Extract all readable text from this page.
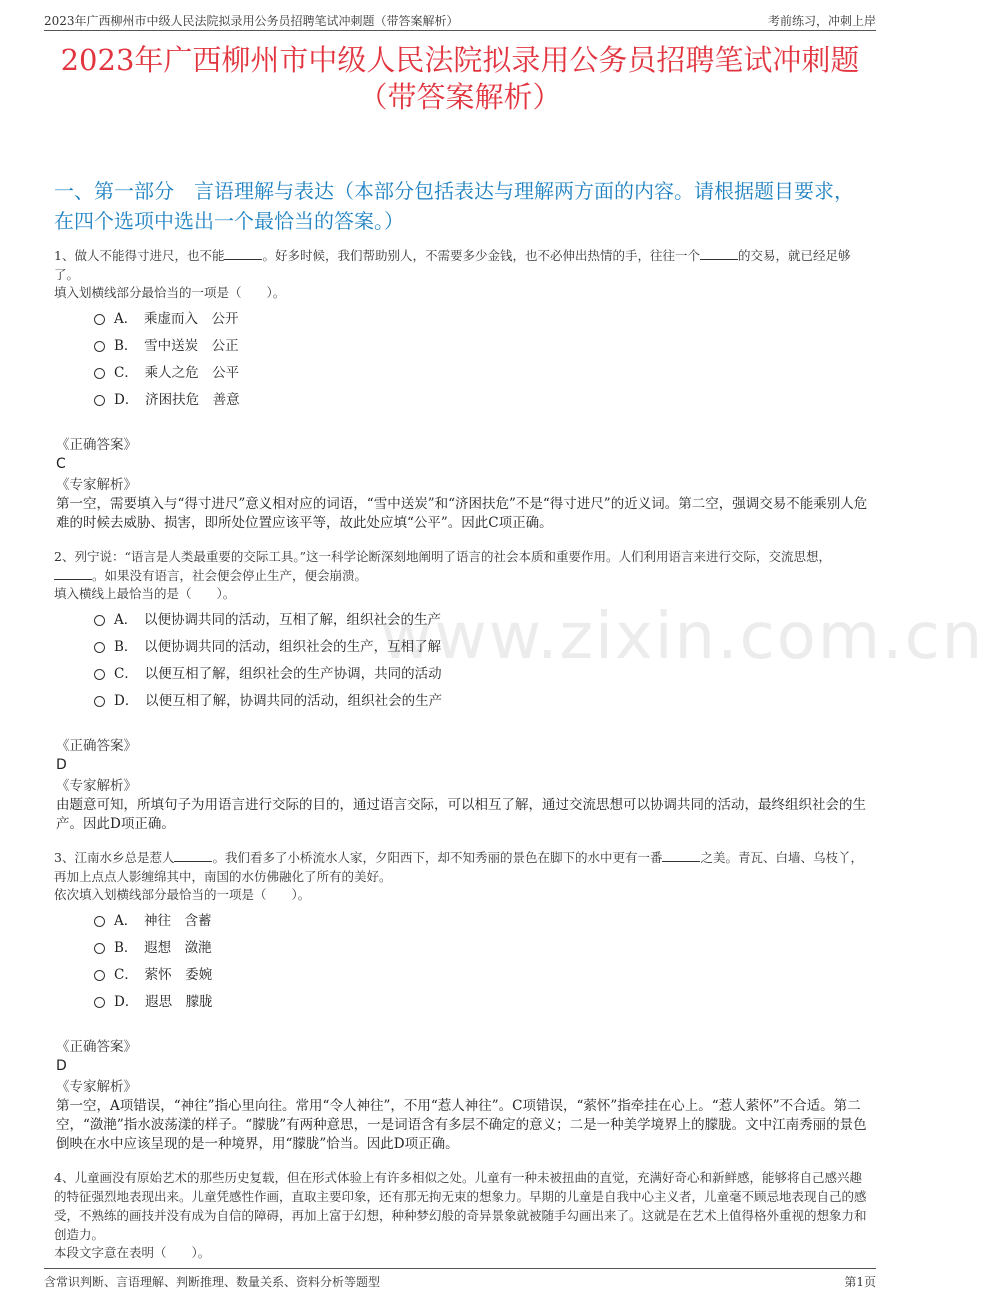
2023年广西柳州市中级人民法院拟录用公务员招聘笔试冲刺题（带答案解析）	考前练习，冲刺上岸
2023年广西柳州市中级人民法院拟录用公务员招聘笔试冲刺题
（带答案解析）
一、第一部分　言语理解与表达（本部分包括表达与理解两方面的内容。请根据题目要求，在四个选项中选出一个最恰当的答案。）
www.zixin.com.cn

1、做人不能得寸进尺，也不能	。好多时候，我们帮助别人，不需要多少金钱，也不必伸出热情的手，往往一个	的交易，就已经足够了。

填入划横线部分最恰当的一项是（　　）。

A．　 乘虚而入　公开
B．　 雪中送炭　公正
C．　 乘人之危　公平
D．　 济困扶危　善意
《正确答案》
C
《专家解析》

第一空，需要填入与“得寸进尺”意义相对应的词语，“雪中送炭”和“济困扶危”不是“得寸进尺”的近义词。第二空，强调交易不能乘别人危难的时候去威胁、损害，即所处位置应该平等，故此处应填“公平”。因此C项正确。

2、列宁说：“语言是人类最重要的交际工具。”这一科学论断深刻地阐明了语言的社会本质和重要作用。人们利用语言来进行交际，交流思想，。如果没有语言，社会便会停止生产，便会崩溃。

填入横线上最恰当的是（　　）。

A．　 以便协调共同的活动，互相了解，组织社会的生产
B．　 以便协调共同的活动，组织社会的生产，互相了解
C．　 以便互相了解，组织社会的生产协调，共同的活动
D．　 以便互相了解，协调共同的活动，组织社会的生产
《正确答案》
D
《专家解析》

由题意可知，所填句子为用语言进行交际的目的，通过语言交际，可以相互了解，通过交流思想可以协调共同的活动，最终组织社会的生产。因此D项正确。

3、江南水乡总是惹人	。我们看多了小桥流水人家，夕阳西下，却不知秀丽的景色在脚下的水中更有一番	之美。青瓦、白墙、乌枝丫，再加上点点人影缠绵其中，南国的水仿佛融化了所有的美好。

依次填入划横线部分最恰当的一项是（　　）。

A．　 神往　含蓄
B．　 遐想　潋滟
C．　 萦怀　委婉
D．　 遐思　朦胧
《正确答案》
D
《专家解析》

第一空，A项错误，“神往”指心里向往。常用“令人神往”，不用“惹人神往”。C项错误，“萦怀”指牵挂在心上。“惹人萦怀”不合适。第二空，“潋滟”指水波荡漾的样子。“朦胧”有两种意思，一是词语含有多层不确定的意义；二是一种美学境界上的朦胧。文中江南秀丽的景色倒映在水中应该呈现的是一种境界，用“朦胧”恰当。因此D项正确。

4、儿童画没有原始艺术的那些历史复载，但在形式体验上有许多相似之处。儿童有一种未被扭曲的直觉，充满好奇心和新鲜感，能够将自己感兴趣的特征强烈地表现出来。儿童凭感性作画，直取主要印象，还有那无拘无束的想象力。早期的儿童是自我中心主义者，儿童毫不顾忌地表现自己的感受，不熟练的画技并没有成为自信的障碍，再加上富于幻想，种种梦幻般的奇异景象就被随手勾画出来了。这就是在艺术上值得格外重视的想象力和创造力。

本段文字意在表明（　　）。

含常识判断、言语理解、判断推理、数量关系、资料分析等题型	第1页
